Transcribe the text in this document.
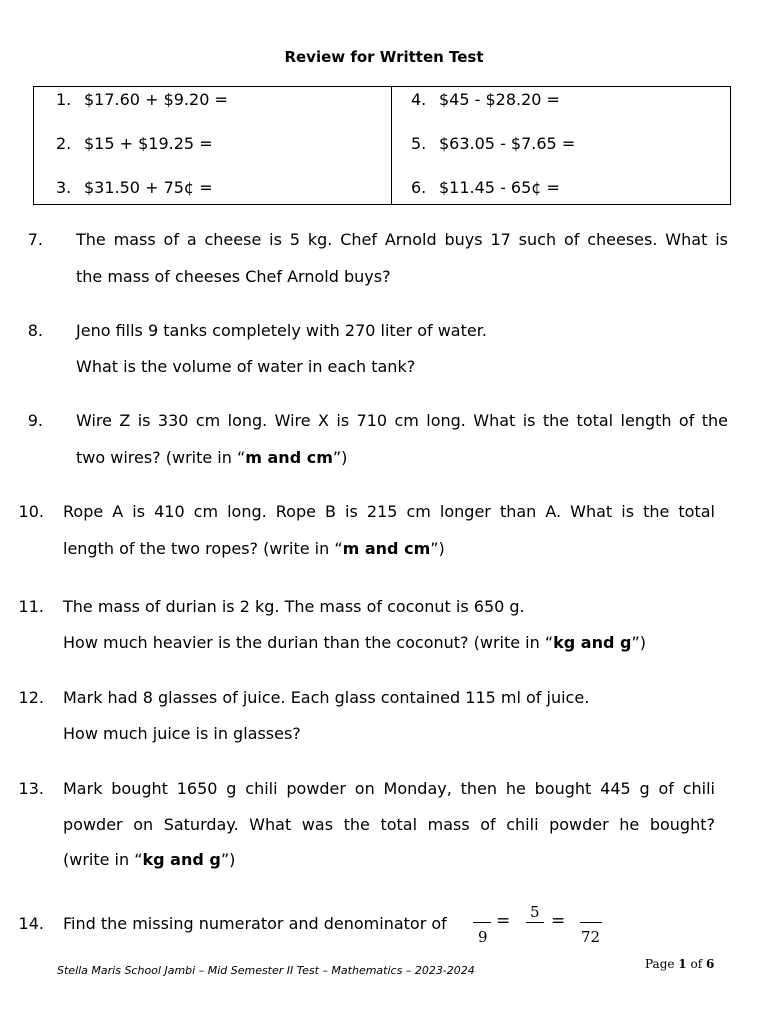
Review for Written Test
1. $17.60 + $9.20 =
2. $15 + $19.25 =
3. $31.50 + 75¢ =
4. $45 - $28.20 =
5. $63.05 - $7.65 =
6. $11.45 - 65¢ =
7. The mass of a cheese is 5 kg. Chef Arnold buys 17 such of cheeses. What is
the mass of cheeses Chef Arnold buys?
8. Jeno fills 9 tanks completely with 270 liter of water.
What is the volume of water in each tank?
9. Wire Z is 330 cm long. Wire X is 710 cm long. What is the total length of the
two wires? (write in “m and cm”)
10. Rope A is 410 cm long. Rope B is 215 cm longer than A. What is the total
length of the two ropes? (write in “m and cm”)
11. The mass of durian is 2 kg. The mass of coconut is 650 g.
How much heavier is the durian than the coconut? (write in “kg and g”)
12. Mark had 8 glasses of juice. Each glass contained 115 ml of juice.
How much juice is in glasses?
13. Mark bought 1650 g chili powder on Monday, then he bought 445 g of chili
powder on Saturday. What was the total mass of chili powder he bought?
(write in “kg and g”)
14. Find the missing numerator and denominator of
9
= 5 =
72
Stella Maris School Jambi – Mid Semester II Test – Mathematics – 2023-2024	Page 1 of 6
